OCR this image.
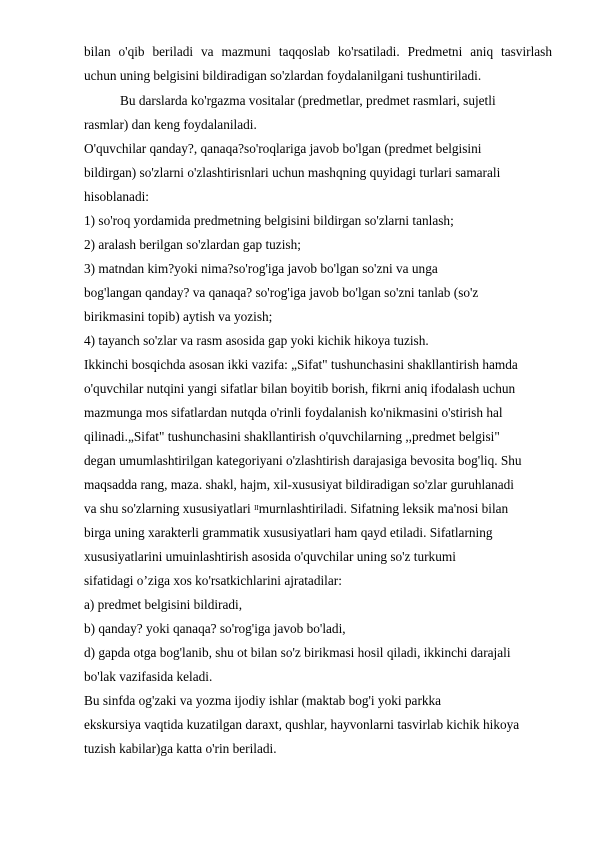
bilan o'qib beriladi va mazmuni taqqoslab ko'rsatiladi. Predmetni aniq tasvirlash
uchun uning belgisini bildiradigan so'zlardan foydalanilgani tushuntiriladi.
Bu darslarda ko'rgazma vositalar (predmetlar, predmet rasmlari, sujetli
rasmlar) dan keng foydalaniladi.
O'quvchilar qanday?, qanaqa?so'roqlariga javob bo'lgan (predmet belgisini
bildirgan) so'zlarni o'zlashtirisnlari uchun mashqning quyidagi turlari samarali
hisoblanadi:
1) so'roq yordamida predmetning belgisini bildirgan so'zlarni tanlash;
2) aralash berilgan so'zlardan gap tuzish;
3) matndan kim?yoki nima?so'rog'iga javob bo'lgan so'zni va unga
bog'langan qanday? va qanaqa? so'rog'iga javob bo'lgan so'zni tanlab (so'z
birikmasini topib) aytish va yozish;
4) tayanch so'zlar va rasm asosida gap yoki kichik hikoya tuzish.
Ikkinchi bosqichda asosan ikki vazifa: „Sifat" tushunchasini shakllantirish hamda
o'quvchilar nutqini yangi sifatlar bilan boyitib borish, fikrni aniq ifodalash uchun
mazmunga mos sifatlardan nutqda o'rinli foydalanish ko'nikmasini o'stirish hal
qilinadi.„Sifat" tushunchasini shakllantirish o'quvchilarning ,,predmet belgisi"
degan umumlashtirilgan kategoriyani o'zlashtirish darajasiga bevosita bog'liq. Shu
maqsadda rang, maza. shakl, hajm, xil-xususiyat bildiradigan so'zlar guruhlanadi
va shu so'zlarning xususiyatlari $^{II}$murnlashtiriladi. Sifatning leksik ma'nosi bilan
birga uning xarakterli grammatik xususiyatlari ham qayd etiladi. Sifatlarning
xususiyatlarini umuinlashtirish asosida o'quvchilar uning so'z turkumi
sifatidagi o’ziga xos ko'rsatkichlarini ajratadilar:
a) predmet belgisini bildiradi,
b) qanday? yoki qanaqa? so'rog'iga javob bo'ladi,
d) gapda otga bog'lanib, shu ot bilan so'z birikmasi hosil qiladi, ikkinchi darajali
bo'lak vazifasida keladi.
Bu sinfda og'zaki va yozma ijodiy ishlar (maktab bog'i yoki parkka
ekskursiya vaqtida kuzatilgan daraxt, qushlar, hayvonlarni tasvirlab kichik hikoya
tuzish kabilar)ga katta o'rin beriladi.
